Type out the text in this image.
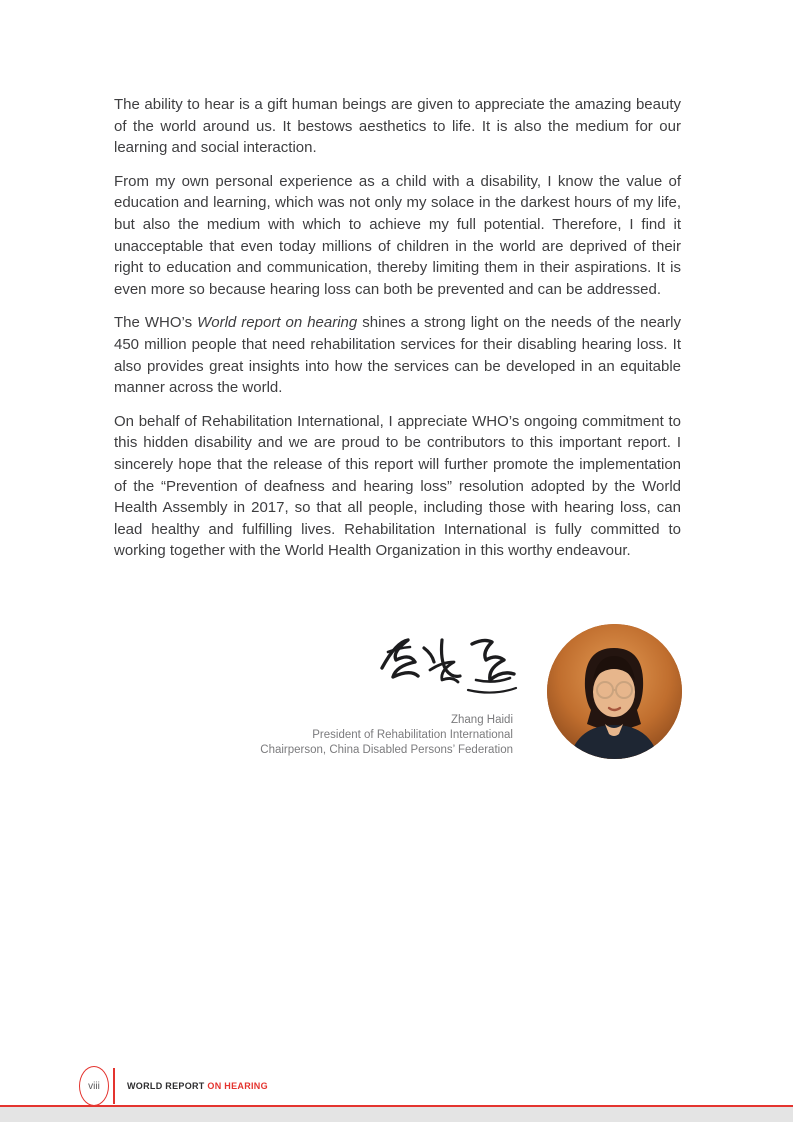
The ability to hear is a gift human beings are given to appreciate the amazing beauty of the world around us. It bestows aesthetics to life. It is also the medium for our learning and social interaction.

From my own personal experience as a child with a disability, I know the value of education and learning, which was not only my solace in the darkest hours of my life, but also the medium with which to achieve my full potential. Therefore, I find it unacceptable that even today millions of children in the world are deprived of their right to education and communication, thereby limiting them in their aspirations. It is even more so because hearing loss can both be prevented and can be addressed.

The WHO’s World report on hearing shines a strong light on the needs of the nearly 450 million people that need rehabilitation services for their disabling hearing loss. It also provides great insights into how the services can be developed in an equitable manner across the world.

On behalf of Rehabilitation International, I appreciate WHO’s ongoing commitment to this hidden disability and we are proud to be contributors to this important report. I sincerely hope that the release of this report will further promote the implementation of the “Prevention of deafness and hearing loss” resolution adopted by the World Health Assembly in 2017, so that all people, including those with hearing loss, can lead healthy and fulfilling lives. Rehabilitation International is fully committed to working together with the World Health Organization in this worthy endeavour.

Zhang Haidi
President of Rehabilitation International
Chairperson, China Disabled Persons’ Federation
viii	WORLD REPORT ON HEARING
